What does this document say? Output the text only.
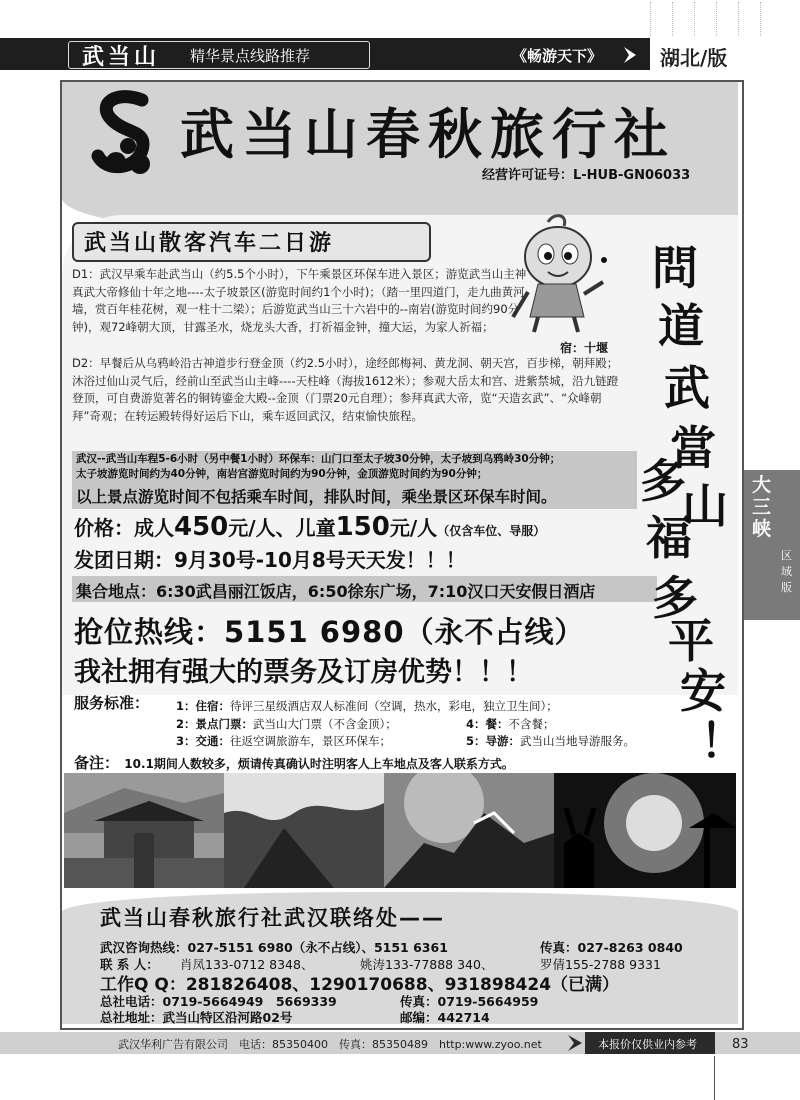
武当山 精华景点线路推荐	《畅游天下》	湖北/版
武当山春秋旅行社
经营许可证号：L-HUB-GN06033
武当山散客汽车二日游
D1：武汉早乘车赴武当山（约5.5个小时），下午乘景区环保车进入景区；游览武当山主神真武大帝修仙十年之地----太子坡景区(游览时间约1个小时)；（踏一里四道门，走九曲黄河墙，赏百年桂花树，观一柱十二梁）；后游览武当山三十六岩中的--南岩(游览时间约90分钟)，观72峰朝大顶，甘露圣水，烧龙头大香，打祈福金钟，撞大运，为家人祈福；
宿：十堰
D2：早餐后从乌鸦岭沿古神道步行登金顶（约2.5小时），途经郎梅祠、黄龙洞、朝天宫，百步梯，朝拜殿；沐浴过仙山灵气后，经前山至武当山主峰----天柱峰（海拔1612米）；参观大岳太和宫、进紫禁城，沿九链蹬登顶，可自费游览著名的铜铸鎏金大殿--金顶（门票20元自理）；参拜真武大帝，览“天造玄武”、“众峰朝拜”奇观；在转运殿转得好运后下山，乘车返回武汉，结束愉快旅程。
武汉--武当山车程5-6小时（另中餐1小时）环保车：山门口至太子坡30分钟，太子坡到乌鸦岭30分钟；
太子坡游览时间约为40分钟，南岩宫游览时间约为90分钟，金顶游览时间约为90分钟；
以上景点游览时间不包括乘车时间，排队时间，乘坐景区环保车时间。
价格：成人450元/人、儿童150元/人（仅含车位、导服）
发团日期：9月30号-10月8号天天发！！！
集合地点：6:30武昌丽江饭店，6:50徐东广场，7:10汉口天安假日酒店
抢位热线：5151 6980（永不占线）
我社拥有强大的票务及订房优势！！！
服务标准： 1：住宿：待评三星级酒店双人标准间（空调，热水，彩电，独立卫生间）；
2：景点门票：武当山大门票（不含金顶）；	4：餐：不含餐；
3：交通：往返空调旅游车，景区环保车；	5：导游：武当山当地导游服务。
备注： 10.1期间人数较多，烦请传真确认时注明客人上车地点及客人联系方式。
武当山春秋旅行社武汉联络处——
武汉咨询热线：027-5151 6980（永不占线）、5151 6361	传真：027-8263 0840
联 系 人： 肖凤133-0712 8348、	姚涛133-77888 340、	罗倩155-2788 9331
工作Q Q：281826408、1290170688、931898424（已满）
总社电话：0719-5664949　5669339	传真：0719-5664959
总社地址：武当山特区沿河路02号	邮编：442714
問
道
武
當
山
多
福
多
平
安
！
大三峡
区域版
武汉华利广告有限公司　电话：85350400　传真：85350489　http:www.zyoo.net	本报价仅供业内参考	83
